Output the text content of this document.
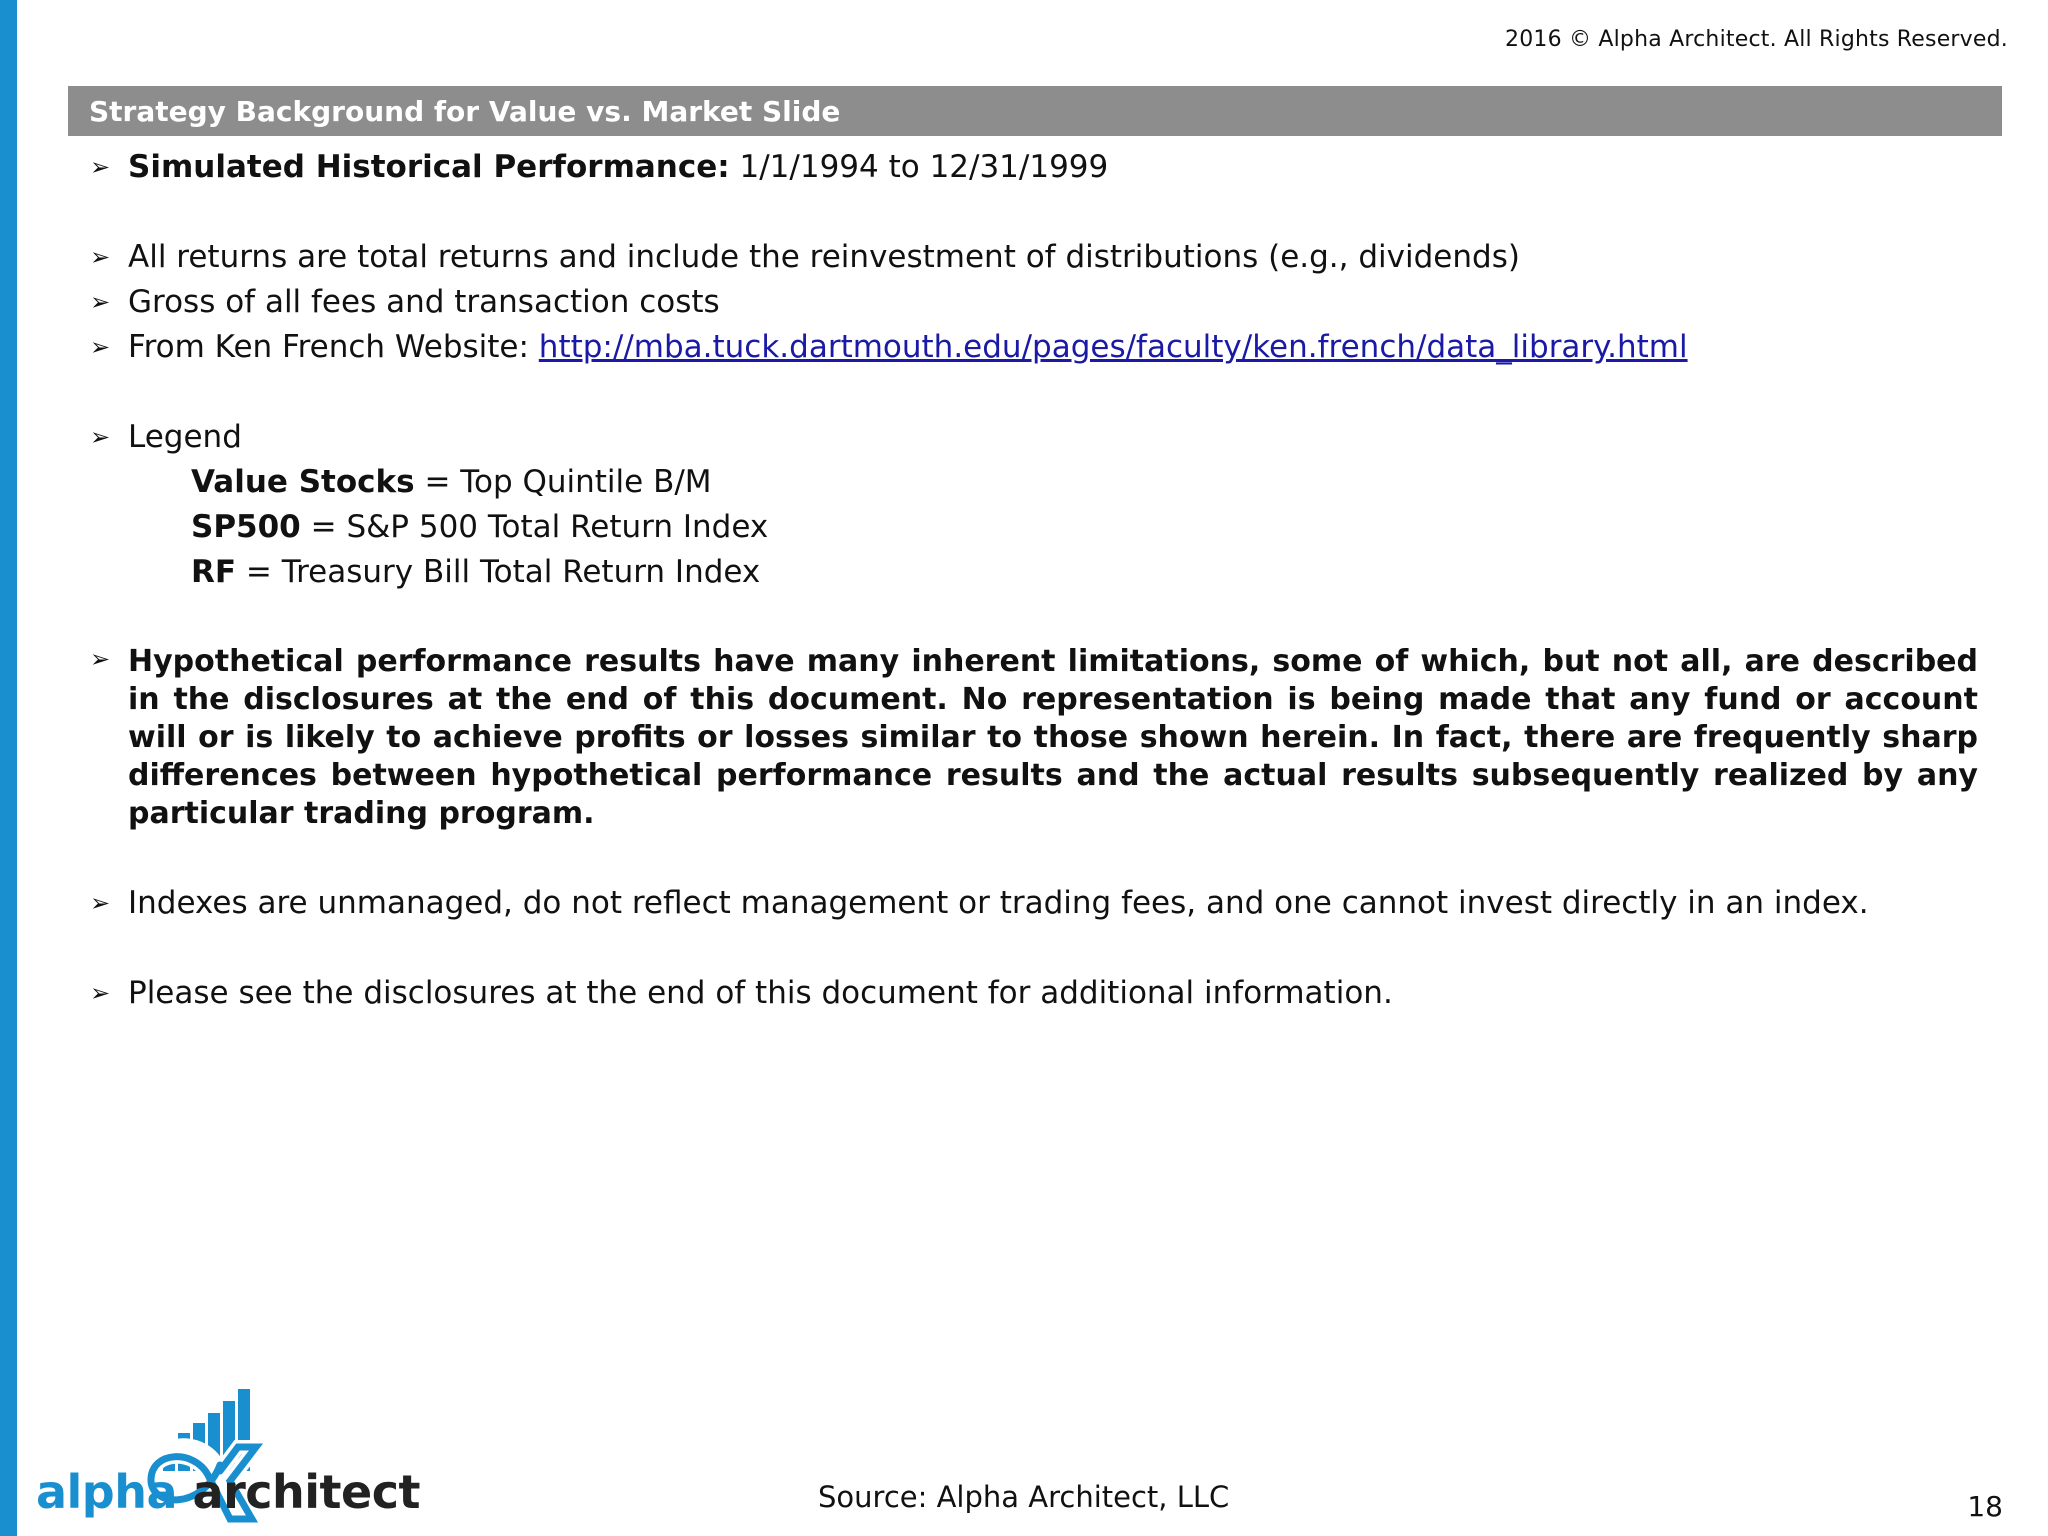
2016 © Alpha Architect. All Rights Reserved.
Strategy Background for Value vs. Market Slide
➢ Simulated Historical Performance: 1/1/1994 to 12/31/1999
➢ All returns are total returns and include the reinvestment of distributions (e.g., dividends)
➢ Gross of all fees and transaction costs
➢ From Ken French Website: http://mba.tuck.dartmouth.edu/pages/faculty/ken.french/data_library.html
➢ Legend
Value Stocks = Top Quintile B/M
SP500 = S&P 500 Total Return Index
RF = Treasury Bill Total Return Index
➢ Hypothetical performance results have many inherent limitations, some of which, but not all, are described in the disclosures at the end of this document. No representation is being made that any fund or account will or is likely to achieve profits or losses similar to those shown herein. In fact, there are frequently sharp differences between hypothetical performance results and the actual results subsequently realized by any particular trading program.
➢ Indexes are unmanaged, do not reflect management or trading fees, and one cannot invest directly in an index.
➢ Please see the disclosures at the end of this document for additional information.
alpha architect	Source: Alpha Architect, LLC	18
